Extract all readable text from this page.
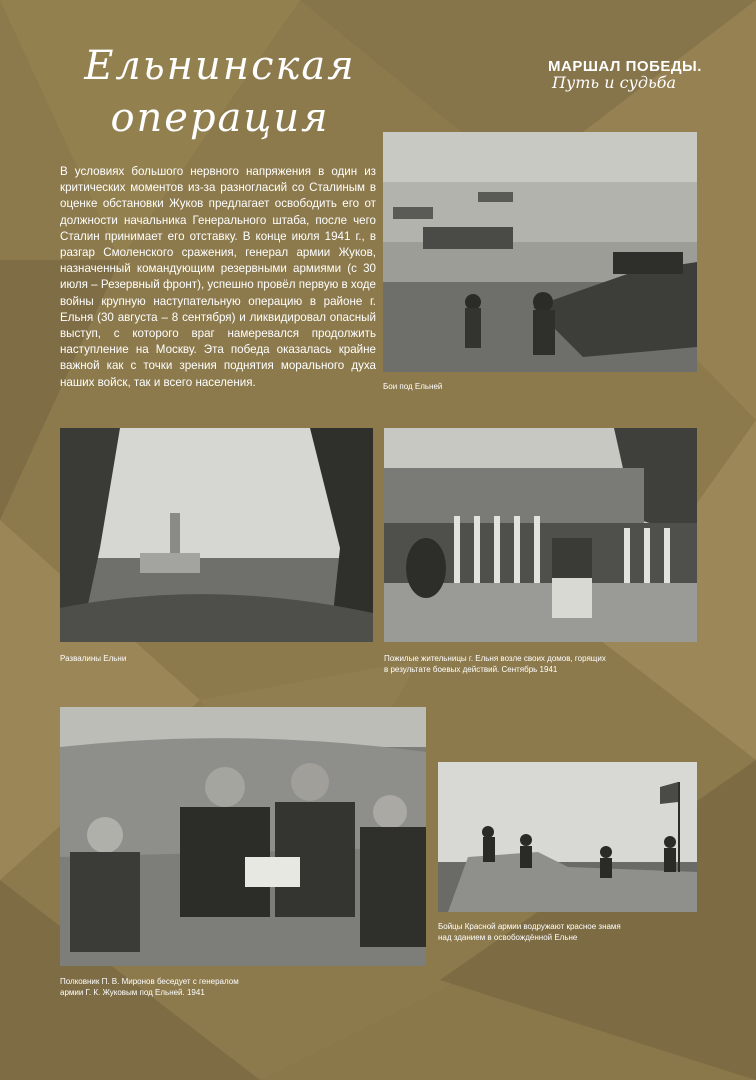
Ельнинская
операция
МАРШАЛ ПОБЕДЫ.
Путь и судьба

В условиях большого нервного напряжения в один из критических моментов из-за разногласий со Сталиным в оценке обстановки Жуков предлагает освободить его от должности начальника Генерального штаба, после чего Сталин принимает его отставку. В конце июля 1941 г., в разгар Смоленского сражения, генерал армии Жуков, назначенный командующим резервными армиями (с 30 июля – Резервный фронт), успешно провёл первую в ходе войны крупную наступательную операцию в районе г. Ельня (30 августа – 8 сентября) и ликвидировал опасный выступ, с которого враг намеревался продолжить наступление на Москву. Эта победа оказалась крайне важной как с точки зрения поднятия морального духа наших войск, так и всего населения.	Бои под Ельней

Развалины Ельни	Пожилые жительницы г. Ельня возле своих домов, горящих
в результате боевых действий. Сентябрь 1941

Полковник П. В. Миронов беседует с генералом
армии Г. К. Жуковым под Ельней. 1941

Бойцы Красной армии водружают красное знамя
над зданием в освобождённой Ельне
